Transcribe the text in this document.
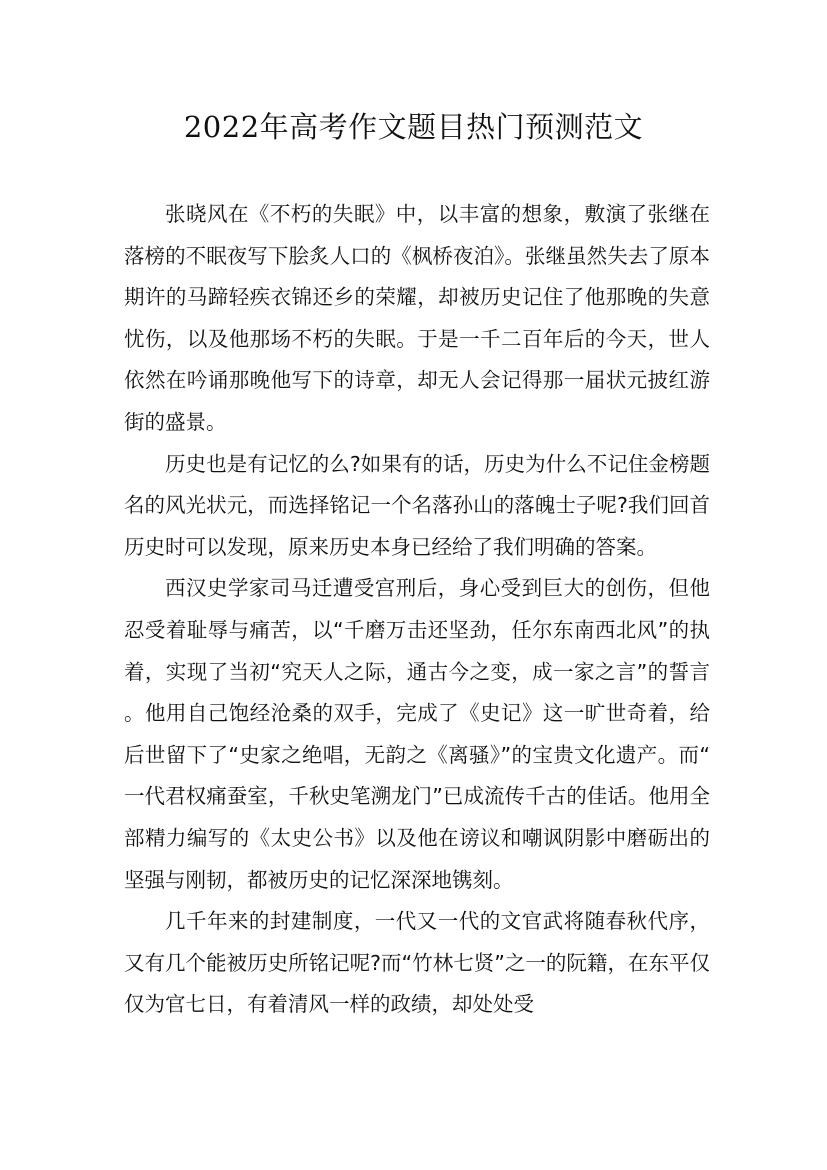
2022年高考作文题目热门预测范文

张晓风在《不朽的失眠》中，以丰富的想象，敷演了张继在落榜的不眠夜写下脍炙人口的《枫桥夜泊》。张继虽然失去了原本期许的马蹄轻疾衣锦还乡的荣耀，却被历史记住了他那晚的失意忧伤，以及他那场不朽的失眠。于是一千二百年后的今天，世人依然在吟诵那晚他写下的诗章，却无人会记得那一届状元披红游街的盛景。

历史也是有记忆的么?如果有的话，历史为什么不记住金榜题名的风光状元，而选择铭记一个名落孙山的落魄士子呢?我们回首历史时可以发现，原来历史本身已经给了我们明确的答案。

西汉史学家司马迁遭受宫刑后，身心受到巨大的创伤，但他忍受着耻辱与痛苦，以“千磨万击还坚劲，任尔东南西北风”的执着，实现了当初“究天人之际，通古今之变，成一家之言”的誓言。他用自己饱经沧桑的双手，完成了《史记》这一旷世奇着，给后世留下了“史家之绝唱，无韵之《离骚》”的宝贵文化遗产。而“一代君权痛蚕室，千秋史笔溯龙门”已成流传千古的佳话。他用全部精力编写的《太史公书》以及他在谤议和嘲讽阴影中磨砺出的坚强与刚韧，都被历史的记忆深深地镌刻。

几千年来的封建制度，一代又一代的文官武将随春秋代序，又有几个能被历史所铭记呢?而“竹林七贤”之一的阮籍，在东平仅仅为官七日，有着清风一样的政绩，却处处受
